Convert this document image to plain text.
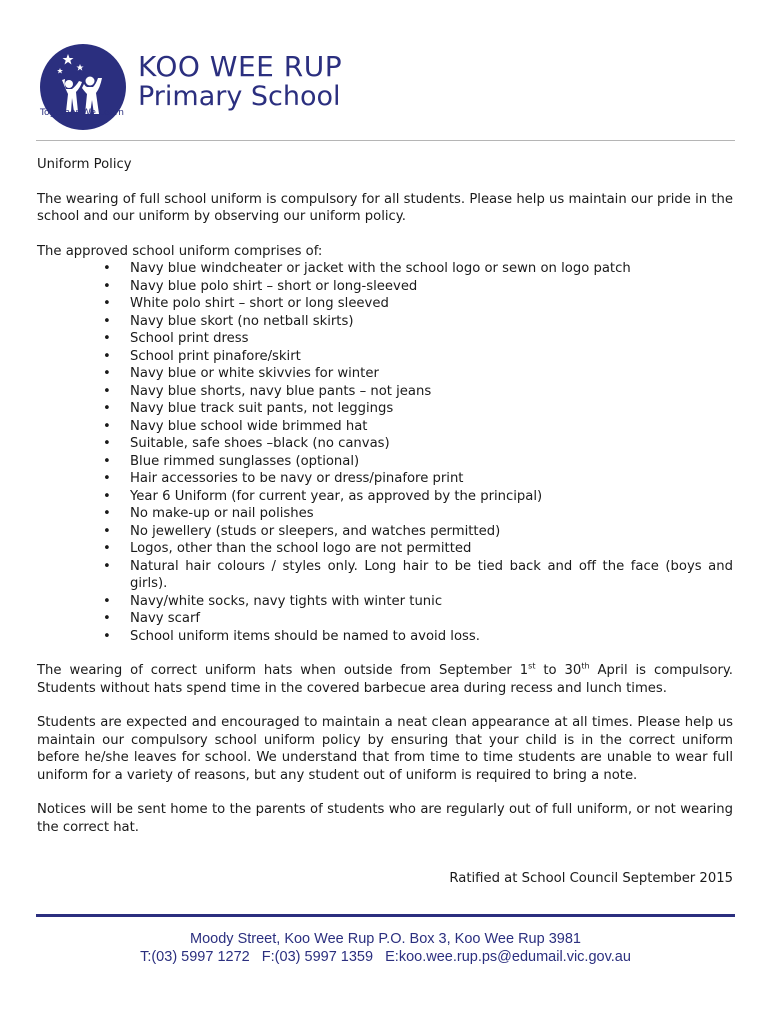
KOO WEE RUP
Primary School
Together We Learn

Uniform Policy

The wearing of full school uniform is compulsory for all students. Please help us maintain our pride in the school and our uniform by observing our uniform policy.

The approved school uniform comprises of:

• Navy blue windcheater or jacket with the school logo or sewn on logo patch
• Navy blue polo shirt – short or long-sleeved
• White polo shirt – short or long sleeved
• Navy blue skort (no netball skirts)
• School print dress
• School print pinafore/skirt
• Navy blue or white skivvies for winter
• Navy blue shorts, navy blue pants – not jeans
• Navy blue track suit pants, not leggings
• Navy blue school wide brimmed hat
• Suitable, safe shoes –black (no canvas)
• Blue rimmed sunglasses (optional)
• Hair accessories to be navy or dress/pinafore print
• Year 6 Uniform (for current year, as approved by the principal)
• No make-up or nail polishes
• No jewellery (studs or sleepers, and watches permitted)
• Logos, other than the school logo are not permitted
• Natural hair colours / styles only. Long hair to be tied back and off the face (boys and girls).
• Navy/white socks, navy tights with winter tunic
• Navy scarf
• School uniform items should be named to avoid loss.

The wearing of correct uniform hats when outside from September 1st to 30th April is compulsory. Students without hats spend time in the covered barbecue area during recess and lunch times.

Students are expected and encouraged to maintain a neat clean appearance at all times. Please help us maintain our compulsory school uniform policy by ensuring that your child is in the correct uniform before he/she leaves for school. We understand that from time to time students are unable to wear full uniform for a variety of reasons, but any student out of uniform is required to bring a note.

Notices will be sent home to the parents of students who are regularly out of full uniform, or not wearing the correct hat.

Ratified at School Council September 2015

Moody Street, Koo Wee Rup P.O. Box 3, Koo Wee Rup 3981
T:(03) 5997 1272   F:(03) 5997 1359   E:koo.wee.rup.ps@edumail.vic.gov.au
